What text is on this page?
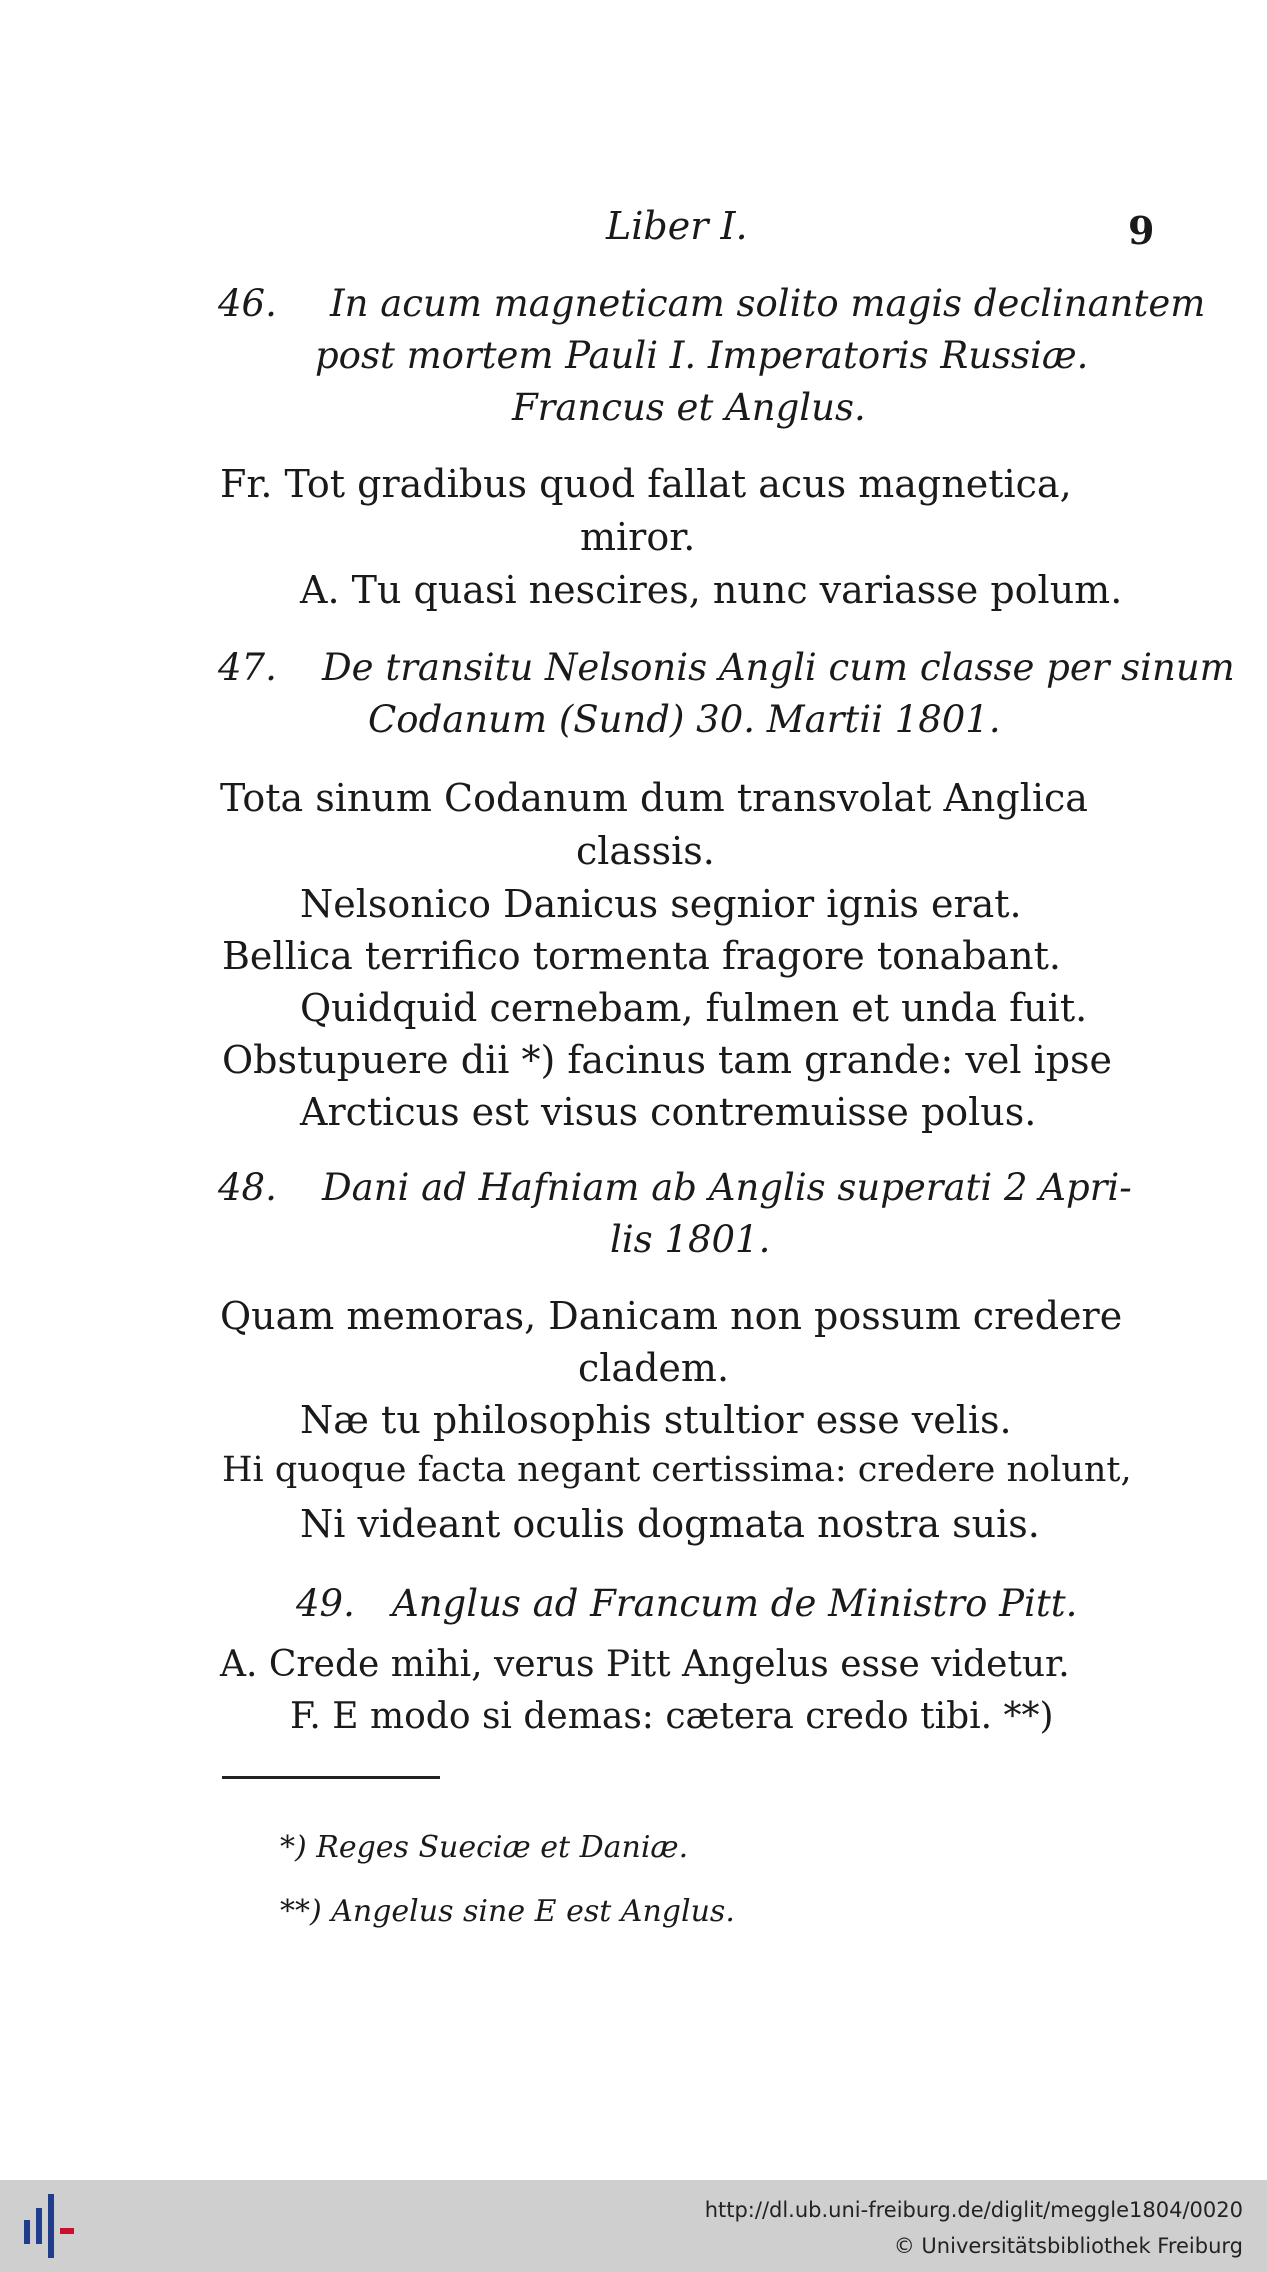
Liber I.	9
46. In acum magneticam solito magis declinantem
post mortem Pauli I. Imperatoris Russiæ.
Francus et Anglus.
Fr. Tot gradibus quod fallat acus magnetica,
miror.
A. Tu quasi nescires, nunc variasse polum.
47. De transitu Nelsonis Angli cum classe per sinum
Codanum (Sund) 30. Martii 1801.
Tota sinum Codanum dum transvolat Anglica
classis.
Nelsonico Danicus segnior ignis erat.
Bellica terrifico tormenta fragore tonabant.
Quidquid cernebam, fulmen et unda fuit.
Obstupuere dii *) facinus tam grande: vel ipse
Arcticus est visus contremuisse polus.
48. Dani ad Hafniam ab Anglis superati 2 Apri-
lis 1801.
Quam memoras, Danicam non possum credere
cladem.
Næ tu philosophis stultior esse velis.
Hi quoque facta negant certissima: credere nolunt,
Ni videant oculis dogmata nostra suis.
49. Anglus ad Francum de Ministro Pitt.
A. Crede mihi, verus Pitt Angelus esse videtur.
F. E modo si demas: cætera credo tibi. **)
*) Reges Sueciæ et Daniæ.
**) Angelus sine E est Anglus.
http://dl.ub.uni-freiburg.de/diglit/meggle1804/0020
© Universitätsbibliothek Freiburg
